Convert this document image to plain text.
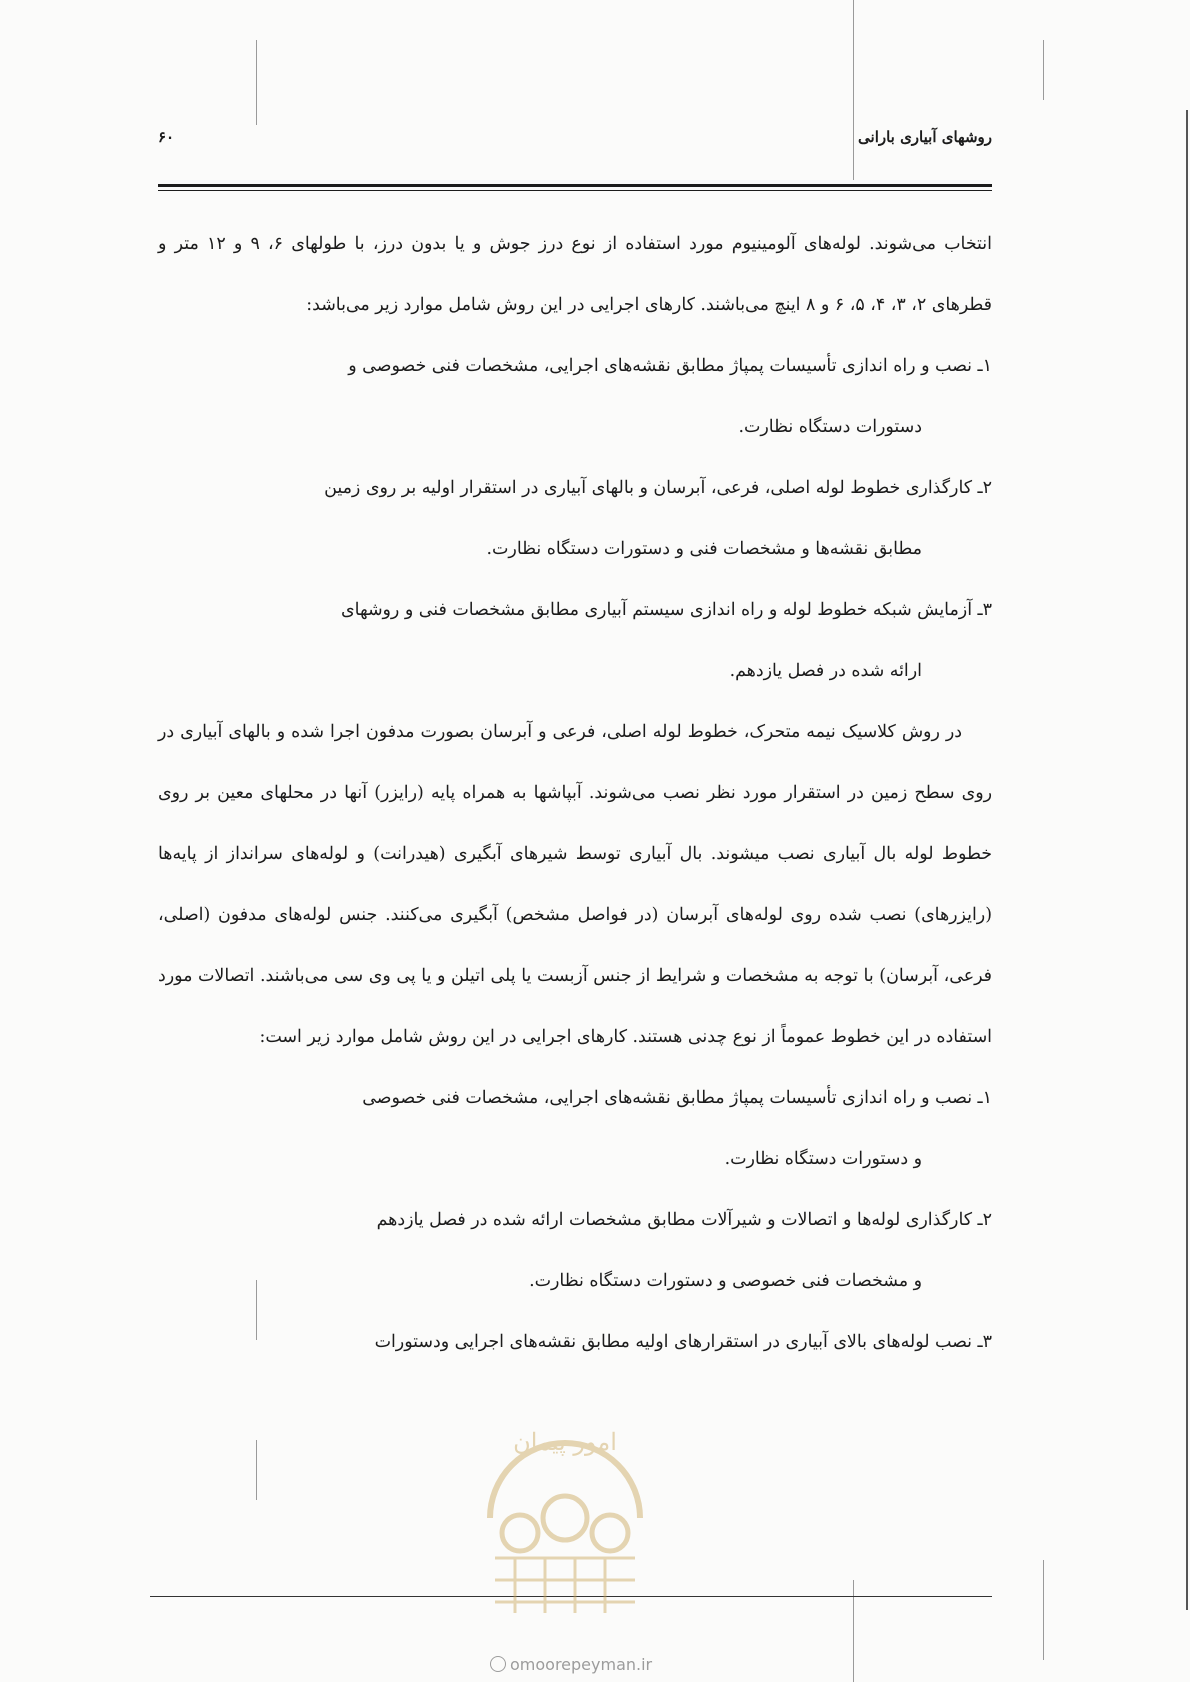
روشهای آبیاری بارانی
۶۰

انتخاب می‌شوند. لوله‌های آلومینیوم مورد استفاده از نوع درز جوش و یا بدون درز، با طولهای ۶، ۹ و ۱۲ متر و قطرهای ۲، ۳، ۴، ۵، ۶ و ۸ اینچ می‌باشند. کارهای اجرایی در این روش شامل موارد زیر می‌باشد:

۱ـ نصب و راه اندازی تأسیسات پمپاژ مطابق نقشه‌های اجرایی، مشخصات فنی خصوصی و

دستورات دستگاه نظارت.

۲ـ کارگذاری خطوط لوله اصلی، فرعی، آبرسان و بالهای آبیاری در استقرار اولیه بر روی زمین

مطابق نقشه‌ها و مشخصات فنی و دستورات دستگاه نظارت.

۳ـ آزمایش شبکه خطوط لوله و راه اندازی سیستم آبیاری مطابق مشخصات فنی و روشهای

ارائه شده در فصل یازدهم.

در روش کلاسیک نیمه متحرک، خطوط لوله اصلی، فرعی و آبرسان بصورت مدفون اجرا شده و بالهای آبیاری در روی سطح زمین در استقرار مورد نظر نصب می‌شوند. آبپاشها به همراه پایه (رایزر) آنها در محلهای معین بر روی خطوط لوله بال آبیاری نصب میشوند. بال آبیاری توسط شیرهای آبگیری (هیدرانت) و لوله‌های سرانداز از پایه‌ها (رایزرهای) نصب شده روی لوله‌های آبرسان (در فواصل مشخص) آبگیری می‌کنند. جنس لوله‌های مدفون (اصلی، فرعی، آبرسان) با توجه به مشخصات و شرایط از جنس آزبست یا پلی اتیلن و یا پی وی سی می‌باشند. اتصالات مورد استفاده در این خطوط عموماً از نوع چدنی هستند. کارهای اجرایی در این روش شامل موارد زیر است:

۱ـ نصب و راه اندازی تأسیسات پمپاژ مطابق نقشه‌های اجرایی، مشخصات فنی خصوصی

و دستورات دستگاه نظارت.

۲ـ کارگذاری لوله‌ها و اتصالات و شیرآلات مطابق مشخصات ارائه شده در فصل یازدهم

و مشخصات فنی خصوصی و دستورات دستگاه نظارت.

۳ـ نصب لوله‌های بالای آبیاری در استقرارهای اولیه مطابق نقشه‌های اجرایی ودستورات

امور پیمان
omoorepeyman.ir
